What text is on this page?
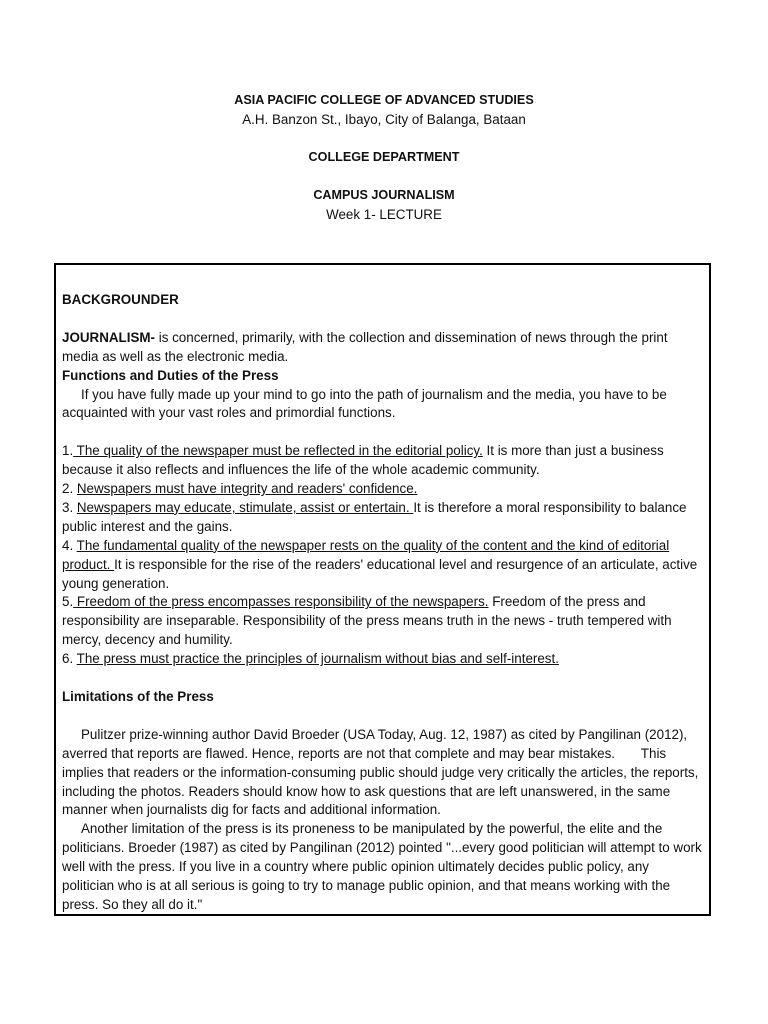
ASIA PACIFIC COLLEGE OF ADVANCED STUDIES
A.H. Banzon St., Ibayo, City of Balanga, Bataan
COLLEGE DEPARTMENT
CAMPUS JOURNALISM
Week 1- LECTURE

BACKGROUNDER

JOURNALISM- is concerned, primarily, with the collection and dissemination of news through the print media as well as the electronic media.

Functions and Duties of the Press

If you have fully made up your mind to go into the path of journalism and the media, you have to be acquainted with your vast roles and primordial functions.

1. The quality of the newspaper must be reflected in the editorial policy. It is more than just a business because it also reflects and influences the life of the whole academic community.

2. Newspapers must have integrity and readers' confidence.

3. Newspapers may educate, stimulate, assist or entertain. It is therefore a moral responsibility to balance public interest and the gains.

4. The fundamental quality of the newspaper rests on the quality of the content and the kind of editorial product. It is responsible for the rise of the readers' educational level and resurgence of an articulate, active young generation.

5. Freedom of the press encompasses responsibility of the newspapers. Freedom of the press and responsibility are inseparable. Responsibility of the press means truth in the news - truth tempered with mercy, decency and humility.

6. The press must practice the principles of journalism without bias and self-interest.

Limitations of the Press

Pulitzer prize-winning author David Broeder (USA Today, Aug. 12, 1987) as cited by Pangilinan (2012), averred that reports are flawed. Hence, reports are not that complete and may bear mistakes.       This implies that readers or the information-consuming public should judge very critically the articles, the reports, including the photos. Readers should know how to ask questions that are left unanswered, in the same manner when journalists dig for facts and additional information.

Another limitation of the press is its proneness to be manipulated by the powerful, the elite and the politicians. Broeder (1987) as cited by Pangilinan (2012) pointed "...every good politician will attempt to work well with the press. If you live in a country where public opinion ultimately decides public policy, any politician who is at all serious is going to try to manage public opinion, and that means working with the press. So they all do it."
